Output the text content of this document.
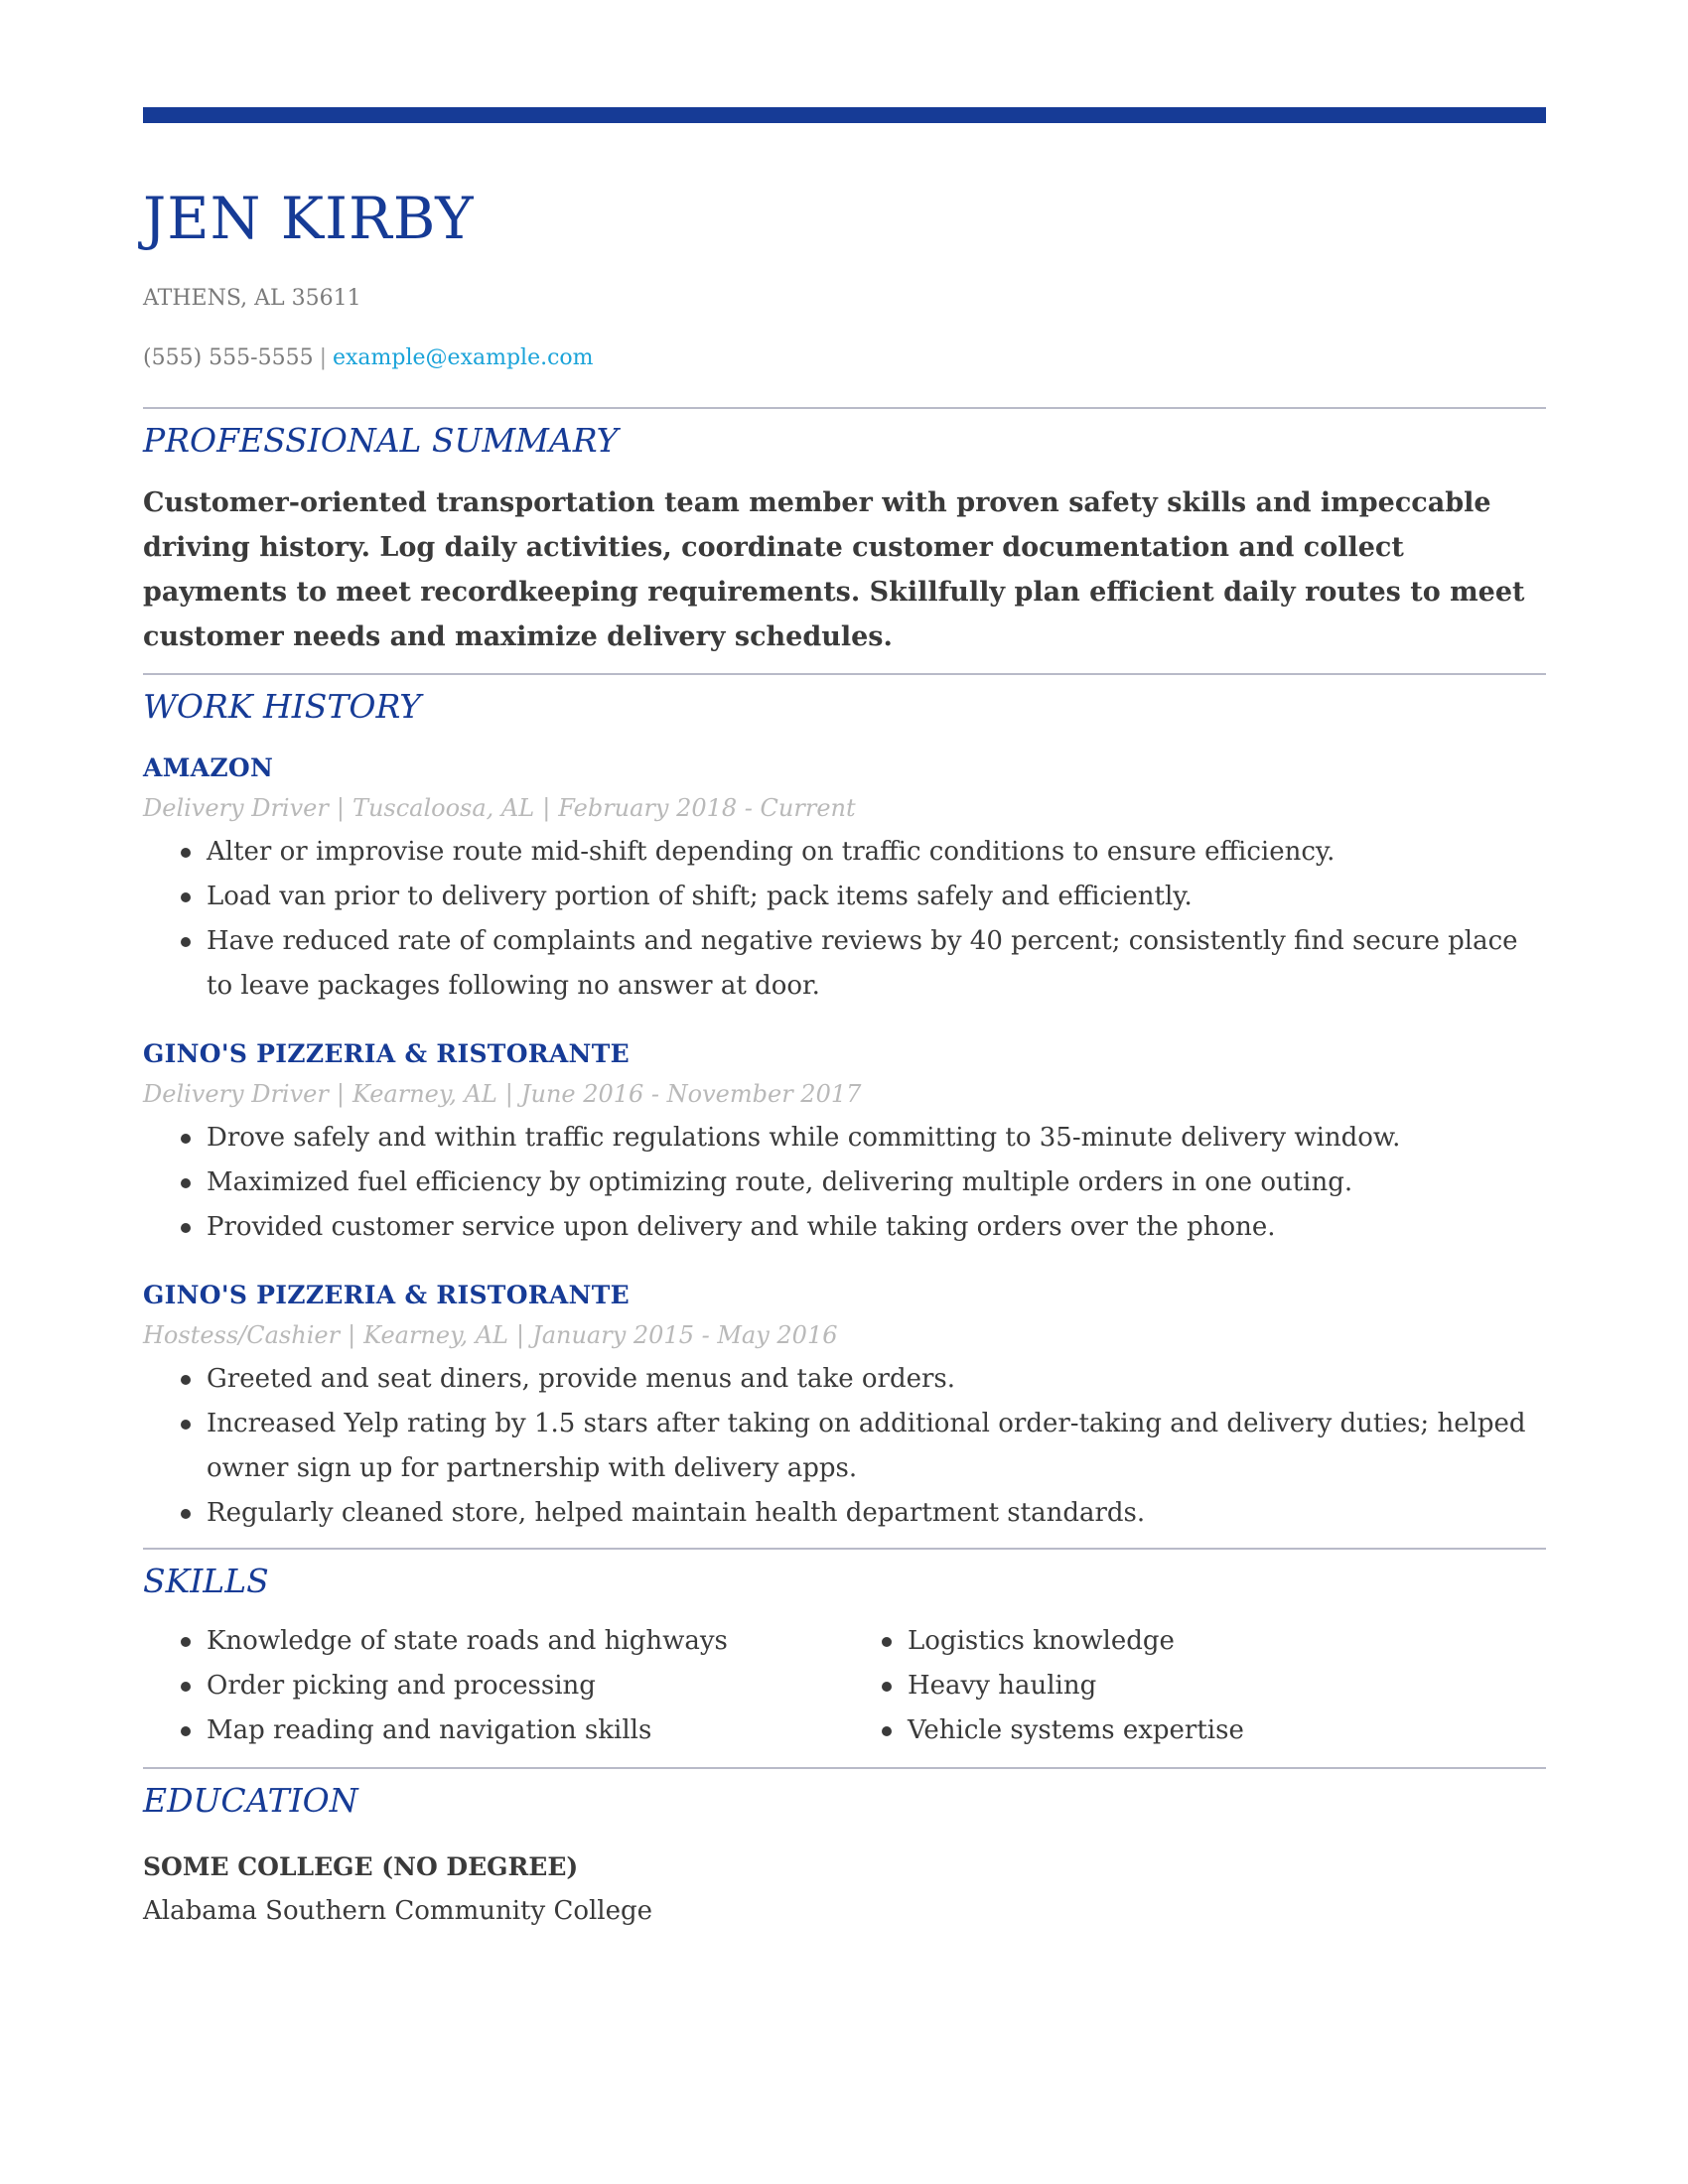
JEN KIRBY
ATHENS, AL 35611
(555) 555-5555 | example@example.com
PROFESSIONAL SUMMARY

Customer-oriented transportation team member with proven safety skills and impeccable driving history. Log daily activities, coordinate customer documentation and collect payments to meet recordkeeping requirements. Skillfully plan efficient daily routes to meet customer needs and maximize delivery schedules.

WORK HISTORY
AMAZON
Delivery Driver | Tuscaloosa, AL | February 2018 - Current
Alter or improvise route mid-shift depending on traffic conditions to ensure efficiency.
Load van prior to delivery portion of shift; pack items safely and efficiently.
Have reduced rate of complaints and negative reviews by 40 percent; consistently find secure place to leave packages following no answer at door.
GINO'S PIZZERIA & RISTORANTE
Delivery Driver | Kearney, AL | June 2016 - November 2017
Drove safely and within traffic regulations while committing to 35-minute delivery window.
Maximized fuel efficiency by optimizing route, delivering multiple orders in one outing.
Provided customer service upon delivery and while taking orders over the phone.
GINO'S PIZZERIA & RISTORANTE
Hostess/Cashier | Kearney, AL | January 2015 - May 2016
Greeted and seat diners, provide menus and take orders.
Increased Yelp rating by 1.5 stars after taking on additional order-taking and delivery duties; helped owner sign up for partnership with delivery apps.
Regularly cleaned store, helped maintain health department standards.
SKILLS
Knowledge of state roads and highways
Order picking and processing
Map reading and navigation skills
Logistics knowledge
Heavy hauling
Vehicle systems expertise
EDUCATION
SOME COLLEGE (NO DEGREE)

Alabama Southern Community College
